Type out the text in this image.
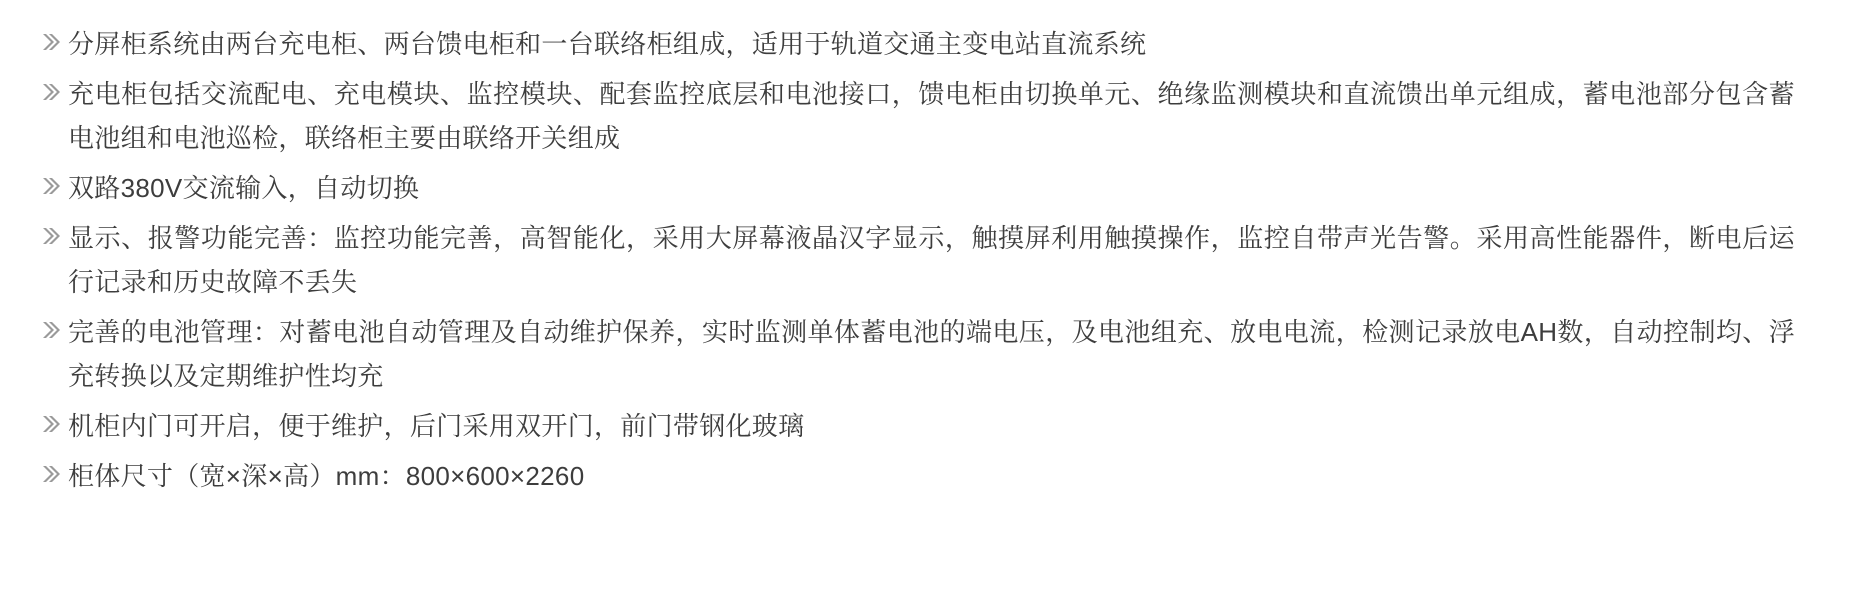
分屏柜系统由两台充电柜、两台馈电柜和一台联络柜组成，适用于轨道交通主变电站直流系统
充电柜包括交流配电、充电模块、监控模块、配套监控底层和电池接口，馈电柜由切换单元、绝缘监测模块和直流馈出单元组成，蓄电池部分包含蓄电池组和电池巡检，联络柜主要由联络开关组成
双路380V交流输入，自动切换
显示、报警功能完善：监控功能完善，高智能化，采用大屏幕液晶汉字显示，触摸屏利用触摸操作，监控自带声光告警。采用高性能器件，断电后运行记录和历史故障不丢失
完善的电池管理：对蓄电池自动管理及自动维护保养，实时监测单体蓄电池的端电压，及电池组充、放电电流，检测记录放电AH数，自动控制均、浮充转换以及定期维护性均充
机柜内门可开启，便于维护，后门采用双开门，前门带钢化玻璃
柜体尺寸（宽×深×高）mm：800×600×2260
